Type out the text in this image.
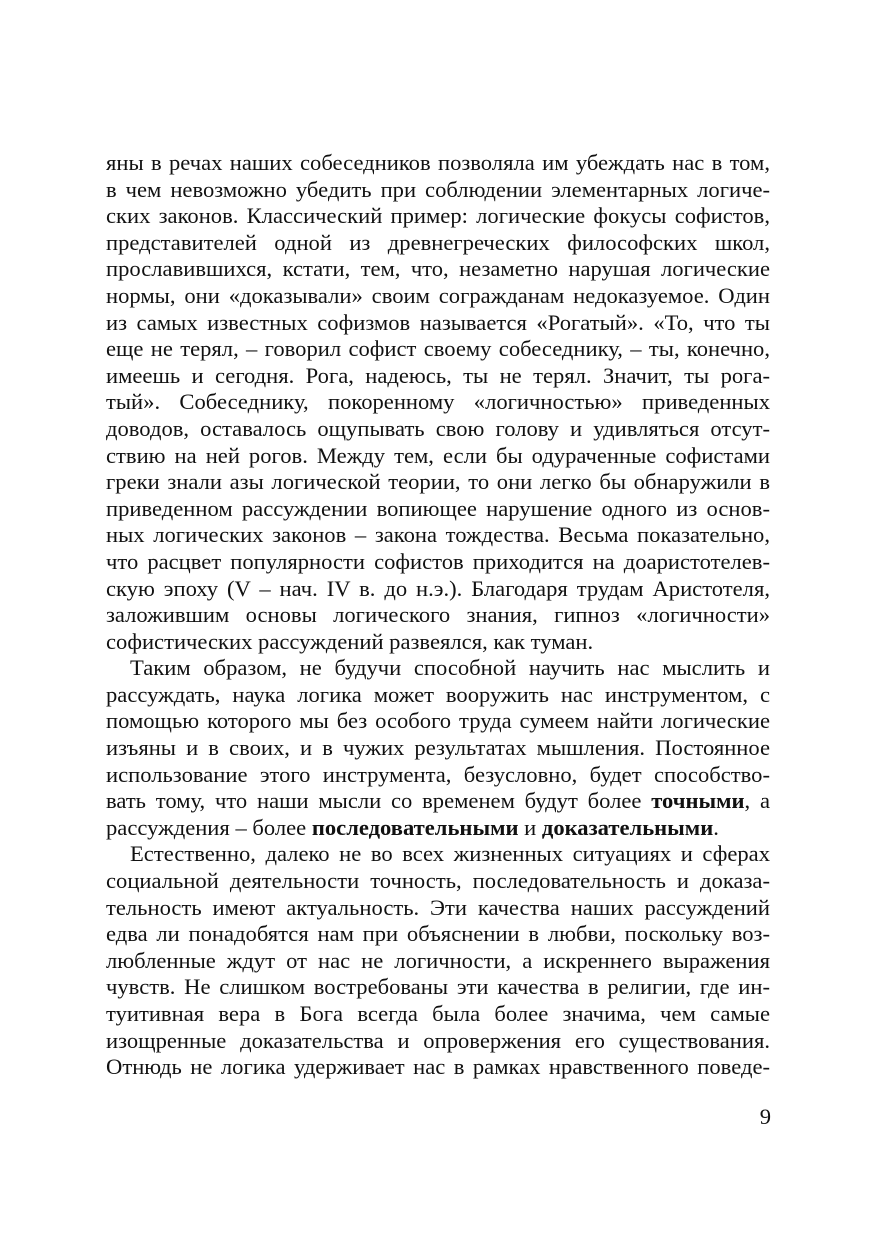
яны в речах наших собеседников позволяла им убеждать нас в том,
в чем невозможно убедить при соблюдении элементарных логиче-
ских законов. Классический пример: логические фокусы софистов,
представителей одной из древнегреческих философских школ,
прославившихся, кстати, тем, что, незаметно нарушая логические
нормы, они «доказывали» своим согражданам недоказуемое. Один
из самых известных софизмов называется «Рогатый». «То, что ты
еще не терял, – говорил софист своему собеседнику, – ты, конечно,
имеешь и сегодня. Рога, надеюсь, ты не терял. Значит, ты рога-
тый». Собеседнику, покоренному «логичностью» приведенных
доводов, оставалось ощупывать свою голову и удивляться отсут-
ствию на ней рогов. Между тем, если бы одураченные софистами
греки знали азы логической теории, то они легко бы обнаружили в
приведенном рассуждении вопиющее нарушение одного из основ-
ных логических законов – закона тождества. Весьма показательно,
что расцвет популярности софистов приходится на доаристотелев-
скую эпоху (V – нач. IV в. до н.э.). Благодаря трудам Аристотеля,
заложившим основы логического знания, гипноз «логичности»
софистических рассуждений развеялся, как туман.
Таким образом, не будучи способной научить нас мыслить и
рассуждать, наука логика может вооружить нас инструментом, с
помощью которого мы без особого труда сумеем найти логические
изъяны и в своих, и в чужих результатах мышления. Постоянное
использование этого инструмента, безусловно, будет способство-
вать тому, что наши мысли со временем будут более точными, а
рассуждения – более последовательными и доказательными.
Естественно, далеко не во всех жизненных ситуациях и сферах
социальной деятельности точность, последовательность и доказа-
тельность имеют актуальность. Эти качества наших рассуждений
едва ли понадобятся нам при объяснении в любви, поскольку воз-
любленные ждут от нас не логичности, а искреннего выражения
чувств. Не слишком востребованы эти качества в религии, где ин-
туитивная вера в Бога всегда была более значима, чем самые
изощренные доказательства и опровержения его существования.
Отнюдь не логика удерживает нас в рамках нравственного поведе-
9
